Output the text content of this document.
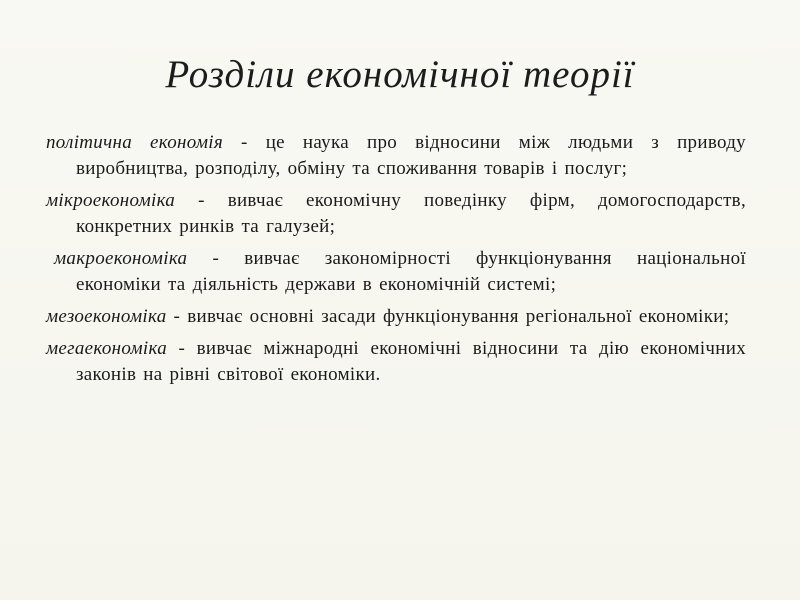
Розділи економічної теорії

політична економія - це наука про відносини між людьми з приводу виробництва, розподілу, обміну та споживання товарів і послуг;

мікроекономіка - вивчає економічну поведінку фірм, домогосподарств, конкретних ринків та галузей;

макроекономіка - вивчає закономірності функціонування національної економіки та діяльність держави в економічній системі;

мезоекономіка - вивчає основні засади функціонування регіональної економіки;

мегаекономіка - вивчає міжнародні економічні відносини та дію економічних законів на рівні світової економіки.
